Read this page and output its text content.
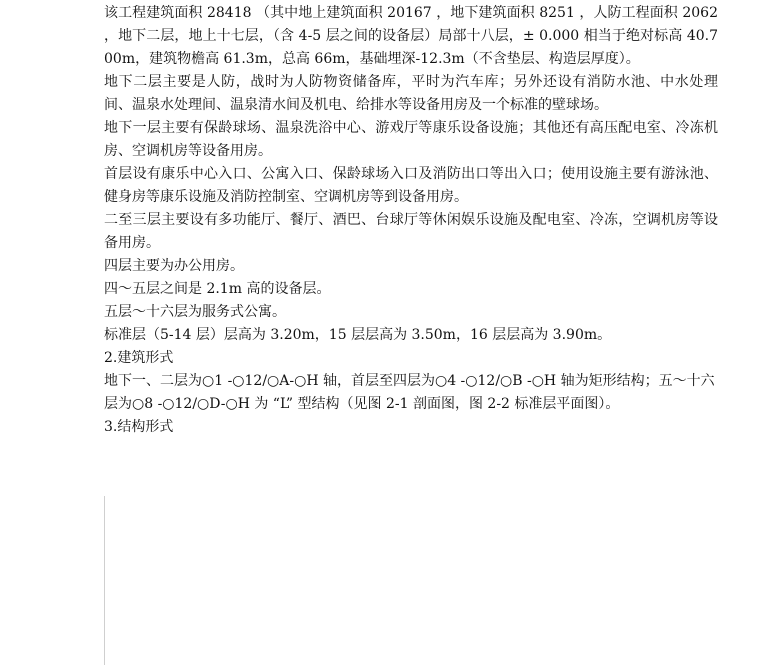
该工程建筑面积 28418 （其中地上建筑面积 20167 ，地下建筑面积 8251 ，人防工程面积 2062 ，地下二层，地上十七层，（含 4-5 层之间的设备层）局部十八层，± 0.000 相当于绝对标高 40.700m，建筑物檐高 61.3m，总高 66m，基础埋深-12.3m（不含垫层、构造层厚度）。

地下二层主要是人防，战时为人防物资储备库，平时为汽车库；另外还设有消防水池、中水处理间、温泉水处理间、温泉清水间及机电、给排水等设备用房及一个标准的壁球场。

地下一层主要有保龄球场、温泉洗浴中心、游戏厅等康乐设备设施；其他还有高压配电室、冷冻机房、空调机房等设备用房。

首层设有康乐中心入口、公寓入口、保龄球场入口及消防出口等出入口；使用设施主要有游泳池、健身房等康乐设施及消防控制室、空调机房等到设备用房。

二至三层主要设有多功能厅、餐厅、酒巴、台球厅等休闲娱乐设施及配电室、冷冻，空调机房等设备用房。

四层主要为办公用房。

四～五层之间是 2.1m 高的设备层。

五层～十六层为服务式公寓。

标准层（5-14 层）层高为 3.20m，15 层层高为 3.50m，16 层层高为 3.90m。

2.建筑形式

地下一、二层为○1 -○12/○A-○H 轴，首层至四层为○4 -○12/○B -○H 轴为矩形结构；五～十六

层为○8 -○12/○D-○H 为 “L” 型结构（见图 2-1 剖面图，图 2-2 标准层平面图）。

3.结构形式
